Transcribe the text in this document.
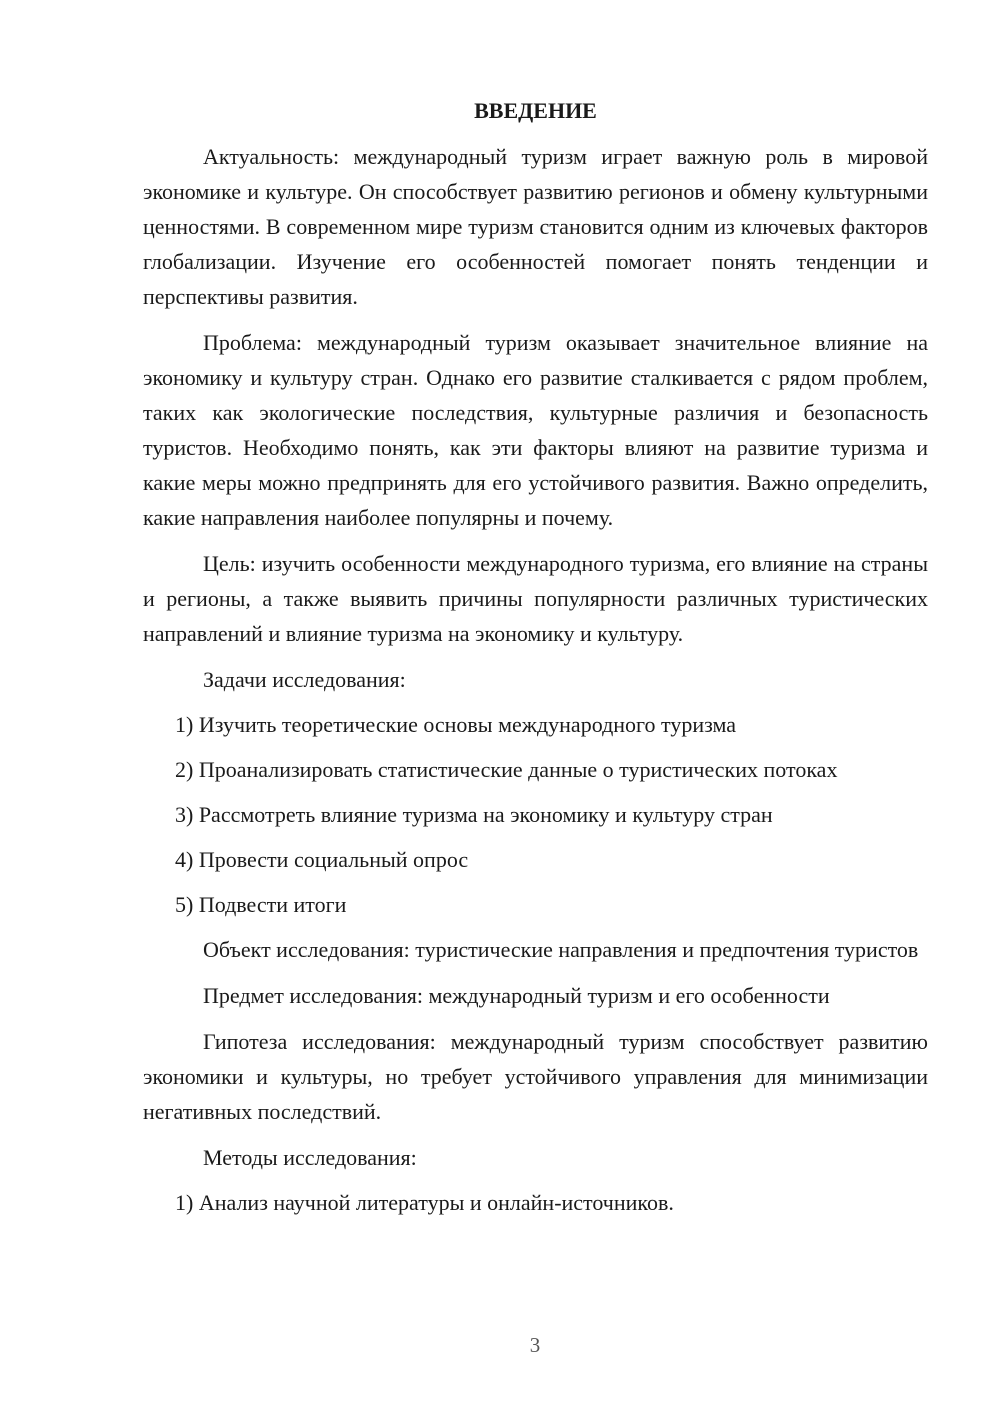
ВВЕДЕНИЕ

Актуальность: международный туризм играет важную роль в мировой экономике и культуре. Он способствует развитию регионов и обмену культурными ценностями. В современном мире туризм становится одним из ключевых факторов глобализации. Изучение его особенностей помогает понять тенденции и перспективы развития.

Проблема: международный туризм оказывает значительное влияние на экономику и культуру стран. Однако его развитие сталкивается с рядом проблем, таких как экологические последствия, культурные различия и безопасность туристов. Необходимо понять, как эти факторы влияют на развитие туризма и какие меры можно предпринять для его устойчивого развития. Важно определить, какие направления наиболее популярны и почему.

Цель: изучить особенности международного туризма, его влияние на страны и регионы, а также выявить причины популярности различных туристических направлений и влияние туризма на экономику и культуру.

Задачи исследования:

1) Изучить теоретические основы международного туризма

2) Проанализировать статистические данные о туристических потоках

3) Рассмотреть влияние туризма на экономику и культуру стран

4) Провести социальный опрос

5) Подвести итоги

Объект исследования: туристические направления и предпочтения туристов

Предмет исследования: международный туризм и его особенности

Гипотеза исследования: международный туризм способствует развитию экономики и культуры, но требует устойчивого управления для минимизации негативных последствий.

Методы исследования:

1) Анализ научной литературы и онлайн-источников.

3
